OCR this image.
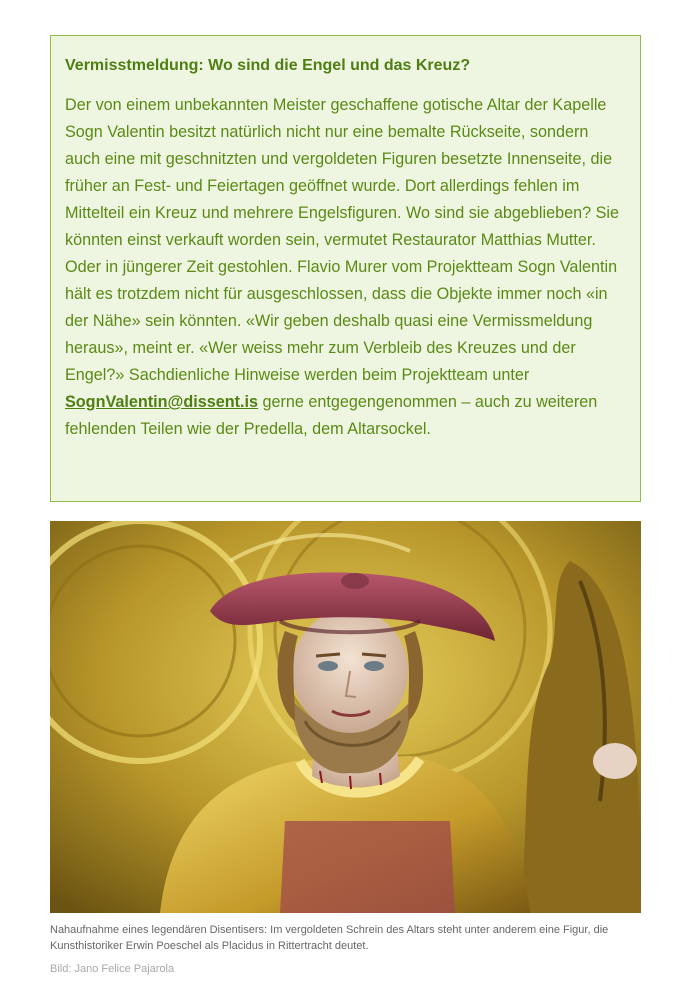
Vermisstmeldung: Wo sind die Engel und das Kreuz?

Der von einem unbekannten Meister geschaffene gotische Altar der Kapelle Sogn Valentin besitzt natürlich nicht nur eine bemalte Rückseite, sondern auch eine mit geschnitzten und vergoldeten Figuren besetzte Innenseite, die früher an Fest- und Feiertagen geöffnet wurde. Dort allerdings fehlen im Mittelteil ein Kreuz und mehrere Engelsfiguren. Wo sind sie abgeblieben? Sie könnten einst verkauft worden sein, vermutet Restaurator Matthias Mutter. Oder in jüngerer Zeit gestohlen. Flavio Murer vom Projektteam Sogn Valentin hält es trotzdem nicht für ausgeschlossen, dass die Objekte immer noch «in der Nähe» sein könnten. «Wir geben deshalb quasi eine Vermissmeldung heraus», meint er. «Wer weiss mehr zum Verbleib des Kreuzes und der Engel?» Sachdienliche Hinweise werden beim Projektteam unter SognValentin@dissent.is gerne entgegengenommen – auch zu weiteren fehlenden Teilen wie der Predella, dem Altarsockel.

Nahaufnahme eines legendären Disentisers: Im vergoldeten Schrein des Altars steht unter anderem eine Figur, die Kunsthistoriker Erwin Poeschel als Placidus in Rittertracht deutet.
Bild: Jano Felice Pajarola
